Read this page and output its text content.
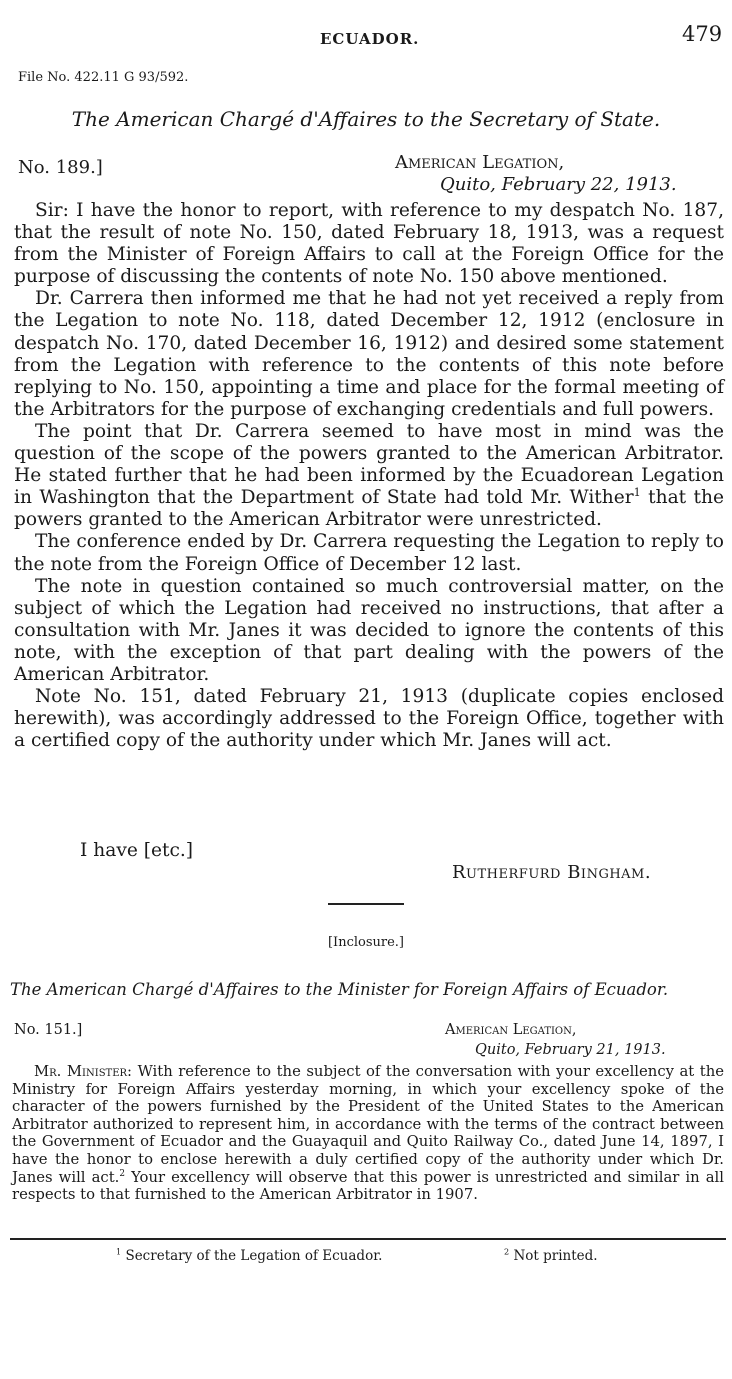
ECUADOR.	479
File No. 422.11 G 93/592.
The American Chargé d'Affaires to the Secretary of State.
No. 189.]	American Legation,
Quito, February 22, 1913.

Sir: I have the honor to report, with reference to my despatch No. 187, that the result of note No. 150, dated February 18, 1913, was a request from the Minister of Foreign Affairs to call at the Foreign Office for the purpose of discussing the contents of note No. 150 above mentioned.

Dr. Carrera then informed me that he had not yet received a reply from the Legation to note No. 118, dated December 12, 1912 (enclosure in despatch No. 170, dated December 16, 1912) and desired some statement from the Legation with reference to the contents of this note before replying to No. 150, appointing a time and place for the formal meeting of the Arbitrators for the purpose of exchanging credentials and full powers.

The point that Dr. Carrera seemed to have most in mind was the question of the scope of the powers granted to the American Arbitrator. He stated further that he had been informed by the Ecuadorean Legation in Washington that the Department of State had told Mr. Wither$^1$ that the powers granted to the American Arbitrator were unrestricted.

The conference ended by Dr. Carrera requesting the Legation to reply to the note from the Foreign Office of December 12 last.

The note in question contained so much controversial matter, on the subject of which the Legation had received no instructions, that after a consultation with Mr. Janes it was decided to ignore the contents of this note, with the exception of that part dealing with the powers of the American Arbitrator.

Note No. 151, dated February 21, 1913 (duplicate copies enclosed herewith), was accordingly addressed to the Foreign Office, together with a certified copy of the authority under which Mr. Janes will act.

I have [etc.]
Rutherfurd Bingham.
[Inclosure.]
The American Chargé d'Affaires to the Minister for Foreign Affairs of Ecuador.
No. 151.]	American Legation,
Quito, February 21, 1913.

Mr. Minister: With reference to the subject of the conversation with your excellency at the Ministry for Foreign Affairs yesterday morning, in which your excellency spoke of the character of the powers furnished by the President of the United States to the American Arbitrator authorized to represent him, in accordance with the terms of the contract between the Government of Ecuador and the Guayaquil and Quito Railway Co., dated June 14, 1897, I have the honor to enclose herewith a duly certified copy of the authority under which Dr. Janes will act.$^2$ Your excellency will observe that this power is unrestricted and similar in all respects to that furnished to the American Arbitrator in 1907.

$^1$ Secretary of the Legation of Ecuador.	$^2$ Not printed.
